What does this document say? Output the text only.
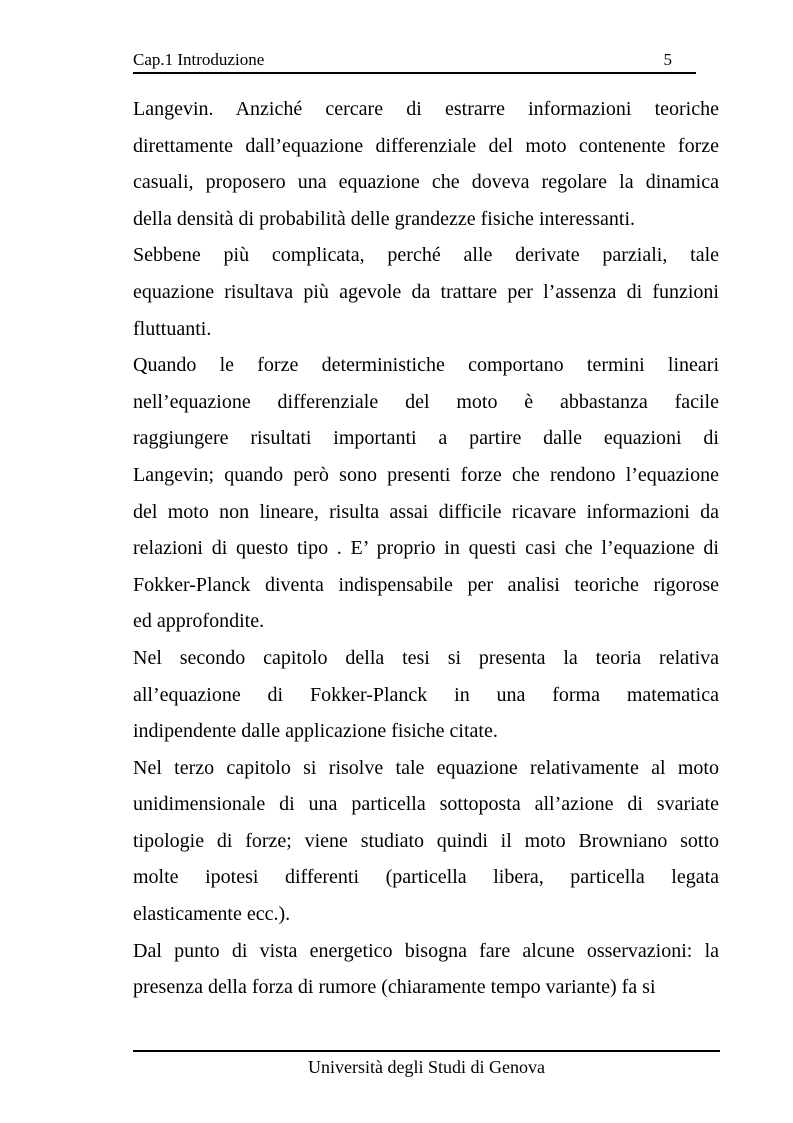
Cap.1 Introduzione	5
Langevin. Anziché cercare di estrarre informazioni teoriche
direttamente dall’equazione differenziale del moto contenente forze
casuali, proposero una equazione che doveva regolare la dinamica
della densità di probabilità delle grandezze fisiche interessanti.
Sebbene più complicata, perché alle derivate parziali, tale
equazione risultava più agevole da trattare per l’assenza di funzioni
fluttuanti.
Quando le forze deterministiche comportano termini lineari
nell’equazione differenziale del moto è abbastanza facile
raggiungere risultati importanti a partire dalle equazioni di
Langevin; quando però sono presenti forze che rendono l’equazione
del moto non lineare, risulta assai difficile ricavare informazioni da
relazioni di questo tipo . E’ proprio in questi casi che l’equazione di
Fokker-Planck diventa indispensabile per analisi teoriche rigorose
ed approfondite.
Nel secondo capitolo della tesi si presenta la teoria relativa
all’equazione di Fokker-Planck in una forma matematica
indipendente dalle applicazione fisiche citate.
Nel terzo capitolo si risolve tale equazione relativamente al moto
unidimensionale di una particella sottoposta all’azione di svariate
tipologie di forze; viene studiato quindi il moto Browniano sotto
molte ipotesi differenti (particella libera, particella legata
elasticamente ecc.).
Dal punto di vista energetico bisogna fare alcune osservazioni: la
presenza della forza di rumore (chiaramente tempo variante) fa si
Università degli Studi di Genova
